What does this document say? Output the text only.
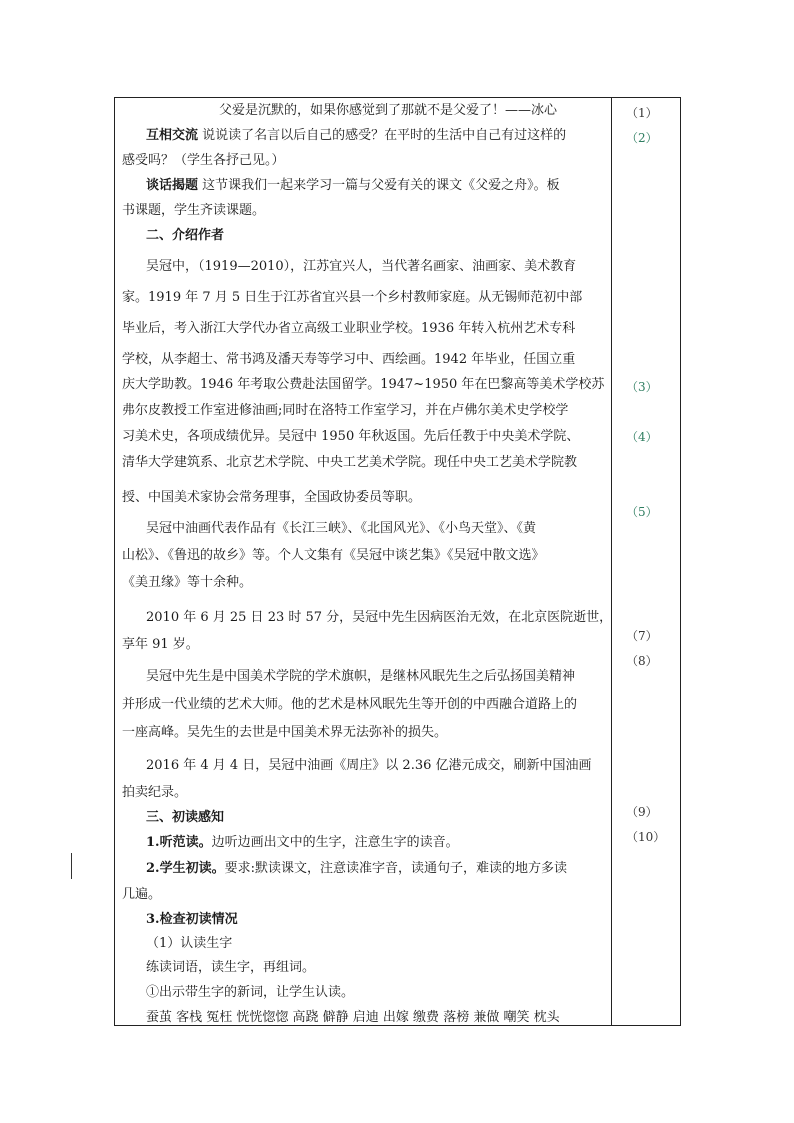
父爱是沉默的，如果你感觉到了那就不是父爱了！——冰心
互相交流 说说读了名言以后自己的感受？在平时的生活中自己有过这样的
感受吗？（学生各抒己见。）
谈话揭题 这节课我们一起来学习一篇与父爱有关的课文《父爱之舟》。板
书课题，学生齐读课题。
二、介绍作者
吴冠中，（1919—2010），江苏宜兴人，当代著名画家、油画家、美术教育
家。1919 年 7 月 5 日生于江苏省宜兴县一个乡村教师家庭。从无锡师范初中部
毕业后，考入浙江大学代办省立高级工业职业学校。1936 年转入杭州艺术专科
学校，从李超士、常书鸿及潘天寿等学习中、西绘画。1942 年毕业，任国立重
庆大学助教。1946 年考取公费赴法国留学。1947~1950 年在巴黎高等美术学校苏
弗尔皮教授工作室进修油画;同时在洛特工作室学习，并在卢佛尔美术史学校学
习美术史，各项成绩优异。吴冠中 1950 年秋返国。先后任教于中央美术学院、
清华大学建筑系、北京艺术学院、中央工艺美术学院。现任中央工艺美术学院教
授、中国美术家协会常务理事，全国政协委员等职。
吴冠中油画代表作品有《长江三峡》、《北国风光》、《小鸟天堂》、《黄
山松》、《鲁迅的故乡》等。个人文集有《吴冠中谈艺集》《吴冠中散文选》
《美丑缘》等十余种。
2010 年 6 月 25 日 23 时 57 分，吴冠中先生因病医治无效，在北京医院逝世，
享年 91 岁。
吴冠中先生是中国美术学院的学术旗帜，是继林风眠先生之后弘扬国美精神
并形成一代业绩的艺术大师。他的艺术是林风眠先生等开创的中西融合道路上的
一座高峰。吴先生的去世是中国美术界无法弥补的损失。
2016 年 4 月 4 日，吴冠中油画《周庄》以 2.36 亿港元成交，刷新中国油画
拍卖纪录。
三、初读感知
1.听范读。边听边画出文中的生字，注意生字的读音。
2.学生初读。要求:默读课文，注意读准字音，读通句子，难读的地方多读
几遍。
3.检查初读情况
（1）认读生字
练读词语，读生字，再组词。
①出示带生字的新词，让学生认读。
蚕茧 客栈 冤枉 恍恍惚惚 高跷 僻静 启迪 出嫁 缴费 落榜 兼做 嘲笑 枕头
（1）
（2）
（3）
（4）
（5）
（7）
（8）
（9）
（10）
